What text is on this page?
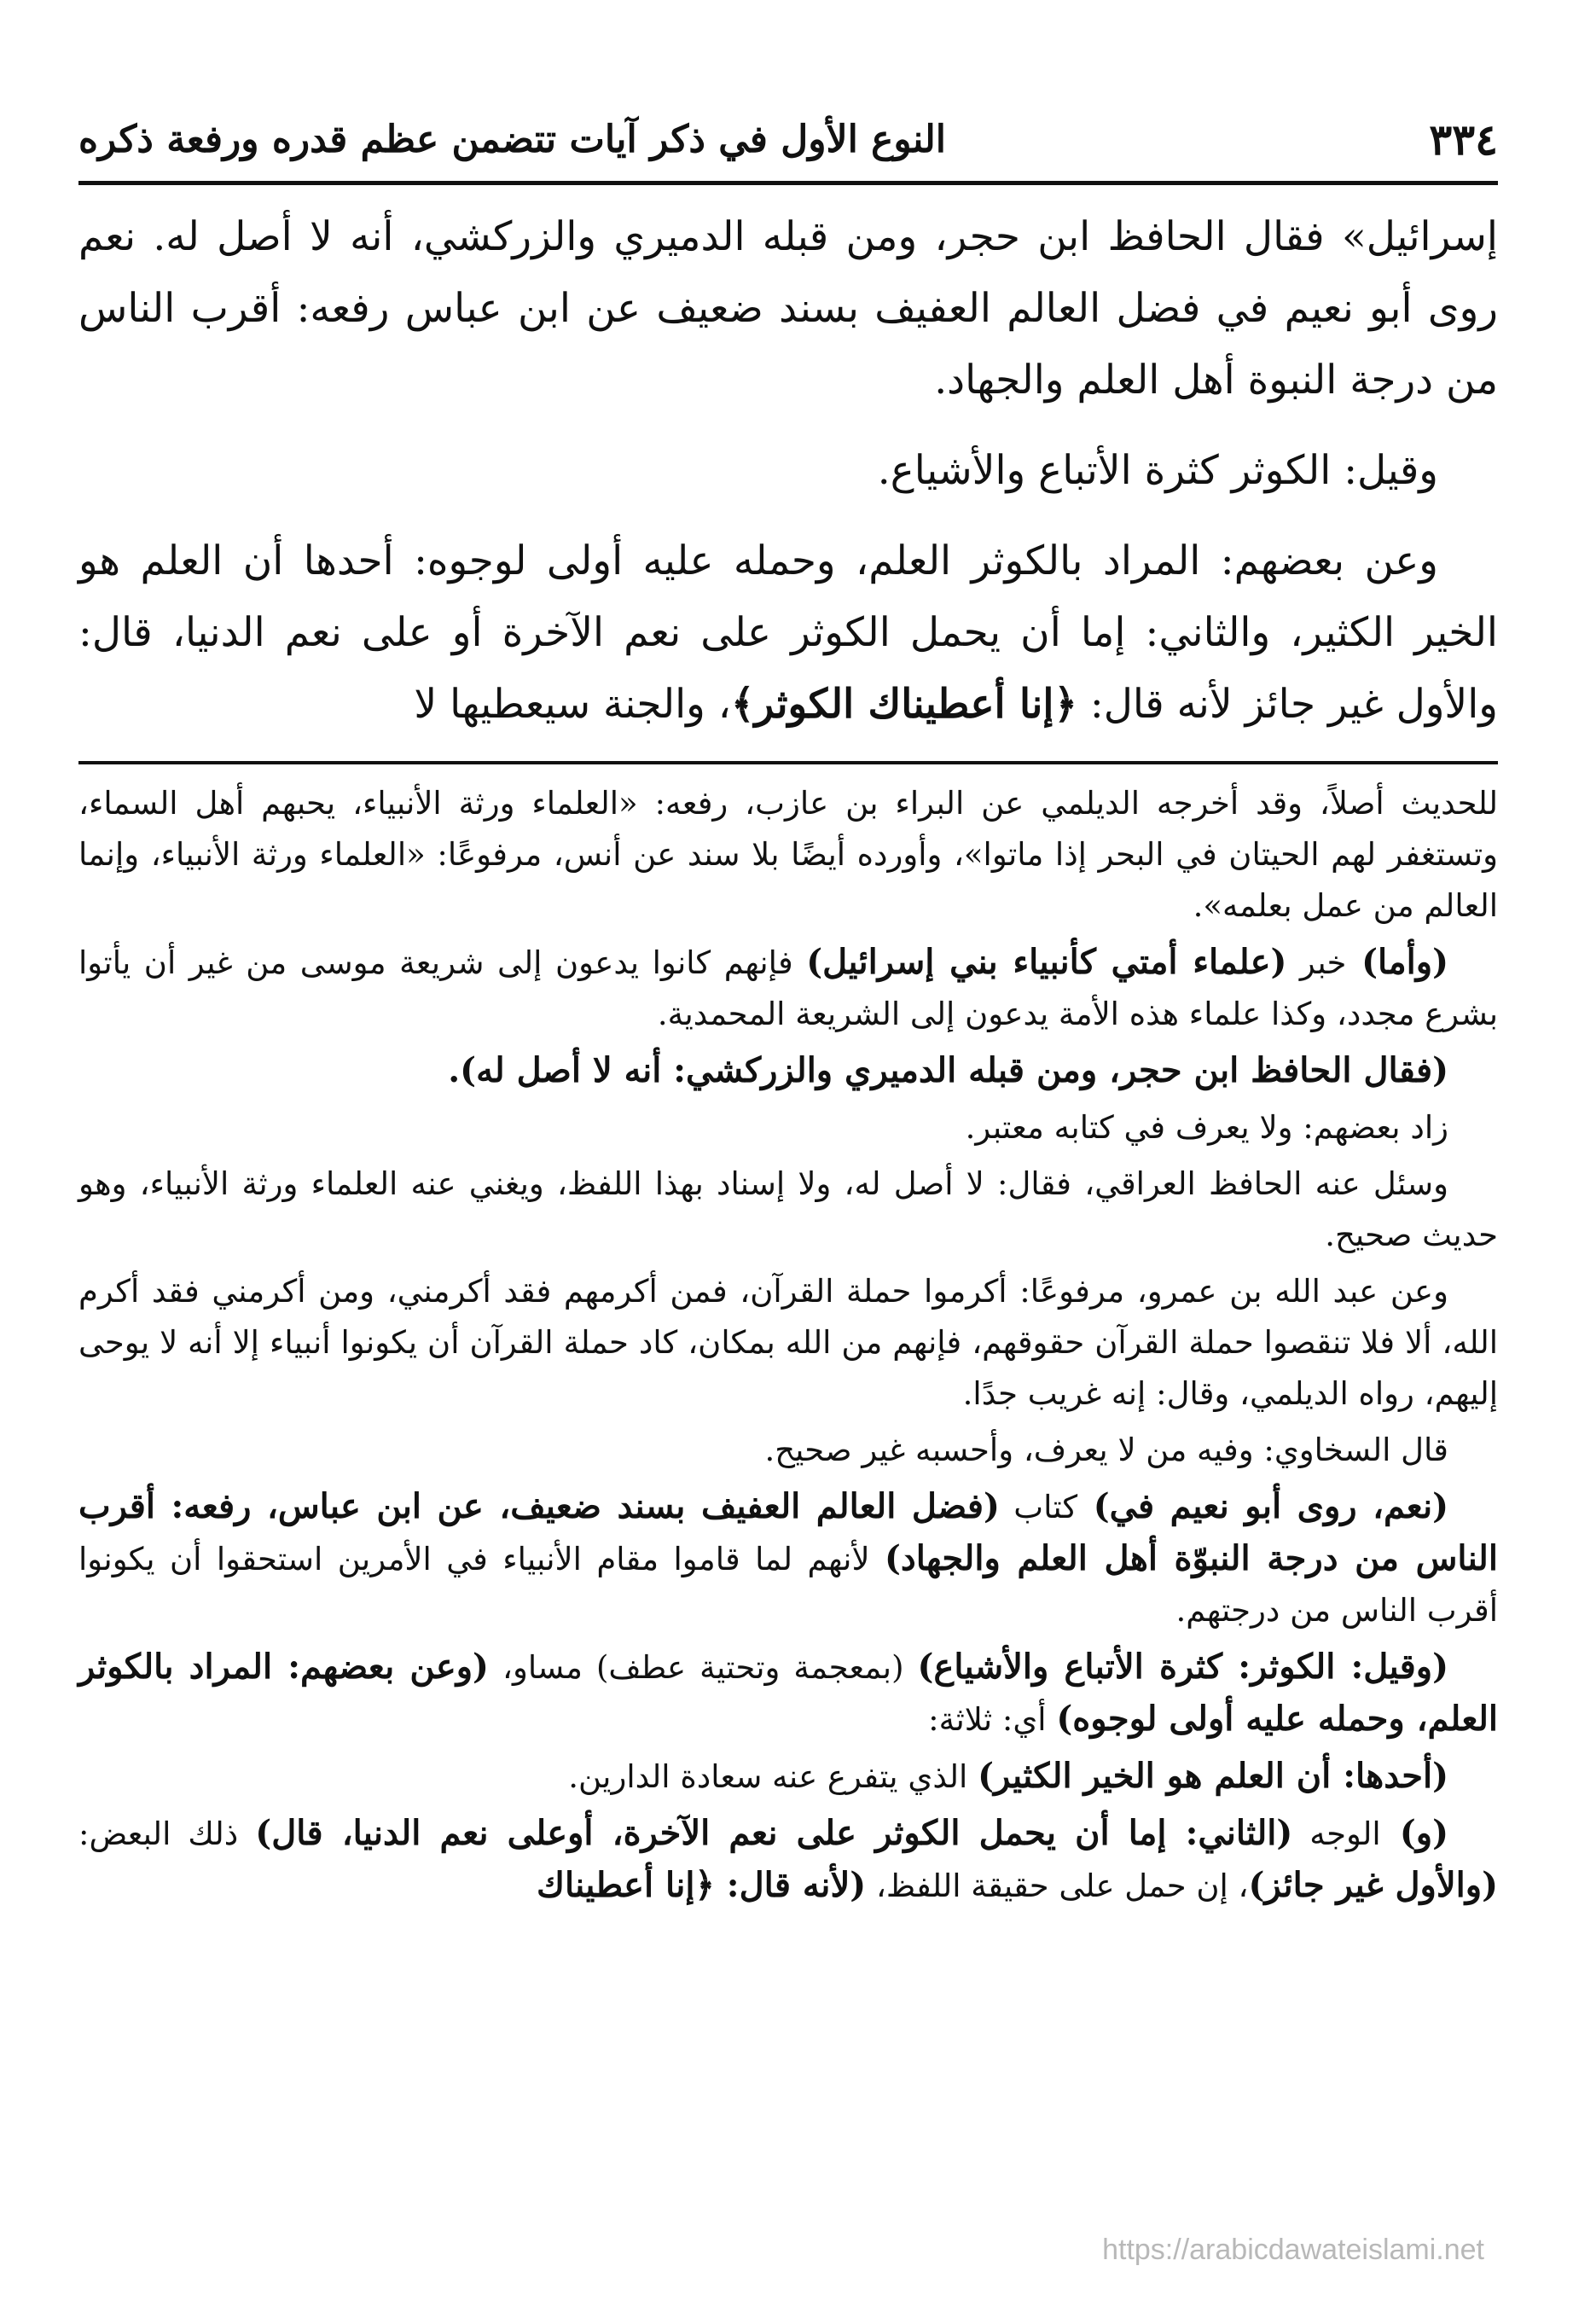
٣٣٤
النوع الأول في ذكر آيات تتضمن عظم قدره ورفعة ذكره

إسرائيل» فقال الحافظ ابن حجر، ومن قبله الدميري والزركشي، أنه لا أصل له. نعم روى أبو نعيم في فضل العالم العفيف بسند ضعيف عن ابن عباس رفعه: أقرب الناس من درجة النبوة أهل العلم والجهاد.

وقيل: الكوثر كثرة الأتباع والأشياع.

وعن بعضهم: المراد بالكوثر العلم، وحمله عليه أولى لوجوه: أحدها أن العلم هو الخير الكثير، والثاني: إما أن يحمل الكوثر على نعم الآخرة أو على نعم الدنيا، قال: والأول غير جائز لأنه قال: ﴿إنا أعطيناك الكوثر﴾، والجنة سيعطيها لا

للحديث أصلاً، وقد أخرجه الديلمي عن البراء بن عازب، رفعه: «العلماء ورثة الأنبياء، يحبهم أهل السماء، وتستغفر لهم الحيتان في البحر إذا ماتوا»، وأورده أيضًا بلا سند عن أنس، مرفوعًا: «العلماء ورثة الأنبياء، وإنما العالم من عمل بعلمه».

(وأما) خبر (علماء أمتي كأنبياء بني إسرائيل) فإنهم كانوا يدعون إلى شريعة موسى من غير أن يأتوا بشرع مجدد، وكذا علماء هذه الأمة يدعون إلى الشريعة المحمدية.

(فقال الحافظ ابن حجر، ومن قبله الدميري والزركشي: أنه لا أصل له).

زاد بعضهم: ولا يعرف في كتابه معتبر.

وسئل عنه الحافظ العراقي، فقال: لا أصل له، ولا إسناد بهذا اللفظ، ويغني عنه العلماء ورثة الأنبياء، وهو حديث صحيح.

وعن عبد الله بن عمرو، مرفوعًا: أكرموا حملة القرآن، فمن أكرمهم فقد أكرمني، ومن أكرمني فقد أكرم الله، ألا فلا تنقصوا حملة القرآن حقوقهم، فإنهم من الله بمكان، كاد حملة القرآن أن يكونوا أنبياء إلا أنه لا يوحى إليهم، رواه الديلمي، وقال: إنه غريب جدًا.

قال السخاوي: وفيه من لا يعرف، وأحسبه غير صحيح.

(نعم، روى أبو نعيم في) كتاب (فضل العالم العفيف بسند ضعيف، عن ابن عباس، رفعه: أقرب الناس من درجة النبوّة أهل العلم والجهاد) لأنهم لما قاموا مقام الأنبياء في الأمرين استحقوا أن يكونوا أقرب الناس من درجتهم.

(وقيل: الكوثر: كثرة الأتباع والأشياع) (بمعجمة وتحتية عطف) مساو، (وعن بعضهم: المراد بالكوثر العلم، وحمله عليه أولى لوجوه) أي: ثلاثة:

(أحدها: أن العلم هو الخير الكثير) الذي يتفرع عنه سعادة الدارين.

(و) الوجه (الثاني: إما أن يحمل الكوثر على نعم الآخرة، أوعلى نعم الدنيا، قال) ذلك البعض: (والأول غير جائز)، إن حمل على حقيقة اللفظ، (لأنه قال: ﴿إنا أعطيناك

https://arabicdawateislami.net
